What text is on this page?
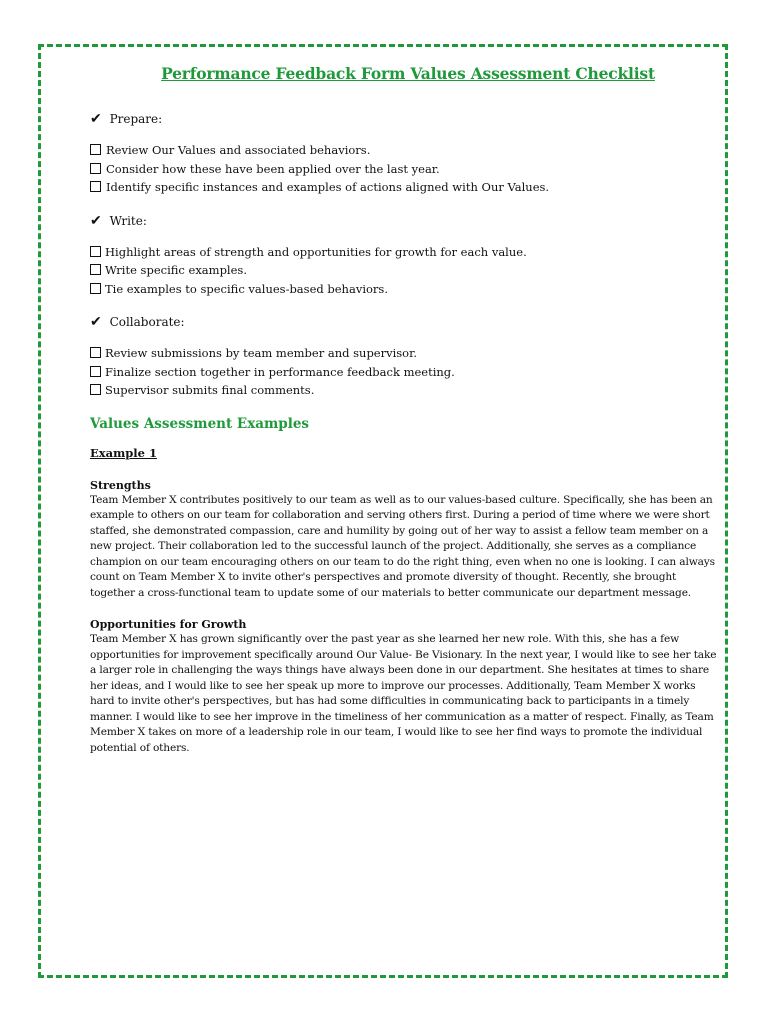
Performance Feedback Form Values Assessment Checklist
✔ Prepare:
Review Our Values and associated behaviors.
Consider how these have been applied over the last year.
Identify specific instances and examples of actions aligned with Our Values.
✔ Write:
Highlight areas of strength and opportunities for growth for each value.
Write specific examples.
Tie examples to specific values-based behaviors.
✔ Collaborate:
Review submissions by team member and supervisor.
Finalize section together in performance feedback meeting.
Supervisor submits final comments.
Values Assessment Examples
Example 1
Strengths

Team Member X contributes positively to our team as well as to our values-based culture. Specifically, she has been an example to others on our team for collaboration and serving others first. During a period of time where we were short staffed, she demonstrated compassion, care and humility by going out of her way to assist a fellow team member on a new project. Their collaboration led to the successful launch of the project. Additionally, she serves as a compliance champion on our team encouraging others on our team to do the right thing, even when no one is looking. I can always count on Team Member X to invite other's perspectives and promote diversity of thought. Recently, she brought together a cross-functional team to update some of our materials to better communicate our department message.

Opportunities for Growth

Team Member X has grown significantly over the past year as she learned her new role. With this, she has a few opportunities for improvement specifically around Our Value- Be Visionary. In the next year, I would like to see her take a larger role in challenging the ways things have always been done in our department. She hesitates at times to share her ideas, and I would like to see her speak up more to improve our processes. Additionally, Team Member X works hard to invite other's perspectives, but has had some difficulties in communicating back to participants in a timely manner. I would like to see her improve in the timeliness of her communication as a matter of respect. Finally, as Team Member X takes on more of a leadership role in our team, I would like to see her find ways to promote the individual potential of others.
